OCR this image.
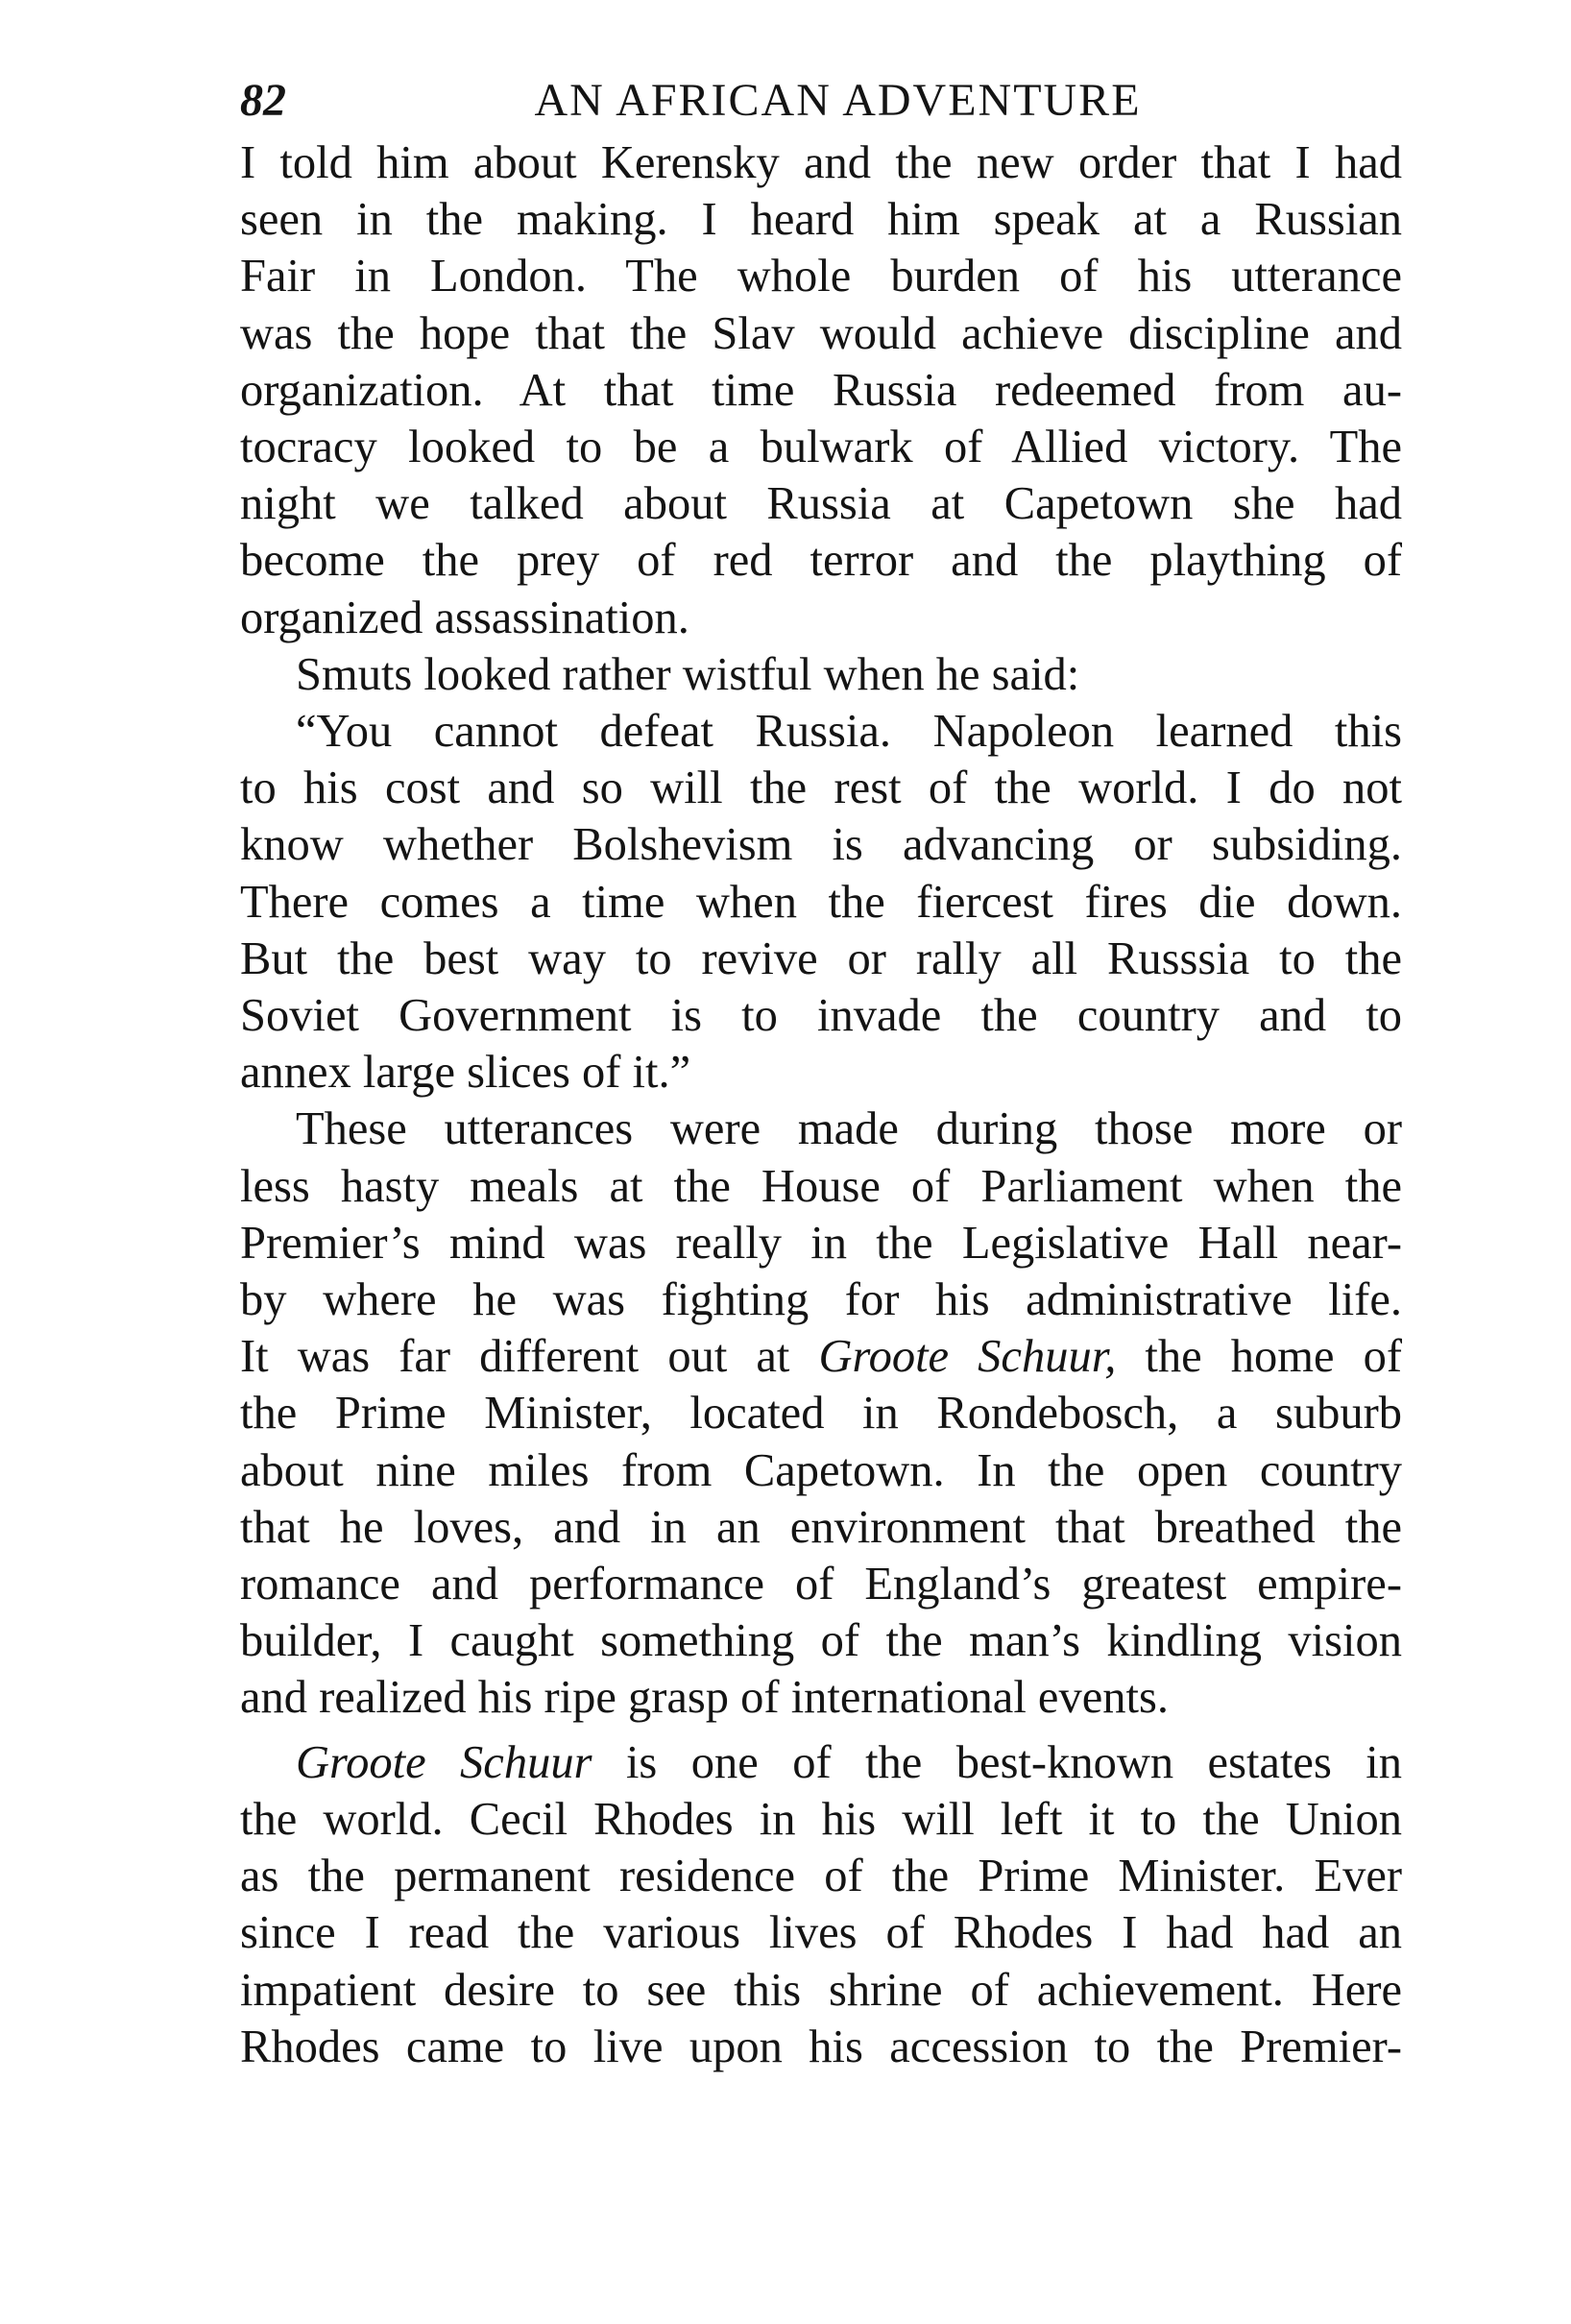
82	AN AFRICAN ADVENTURE
I told him about Kerensky and the new order that I had
seen in the making. I heard him speak at a Russian
Fair in London. The whole burden of his utterance
was the hope that the Slav would achieve discipline and
organization. At that time Russia redeemed from au-
tocracy looked to be a bulwark of Allied victory. The
night we talked about Russia at Capetown she had
become the prey of red terror and the plaything of
organized assassination.
Smuts looked rather wistful when he said:
“You cannot defeat Russia. Napoleon learned this
to his cost and so will the rest of the world. I do not
know whether Bolshevism is advancing or subsiding.
There comes a time when the fiercest fires die down.
But the best way to revive or rally all Russsia to the
Soviet Government is to invade the country and to
annex large slices of it.”
These utterances were made during those more or
less hasty meals at the House of Parliament when the
Premier’s mind was really in the Legislative Hall near-
by where he was fighting for his administrative life.
It was far different out at Groote Schuur, the home of
the Prime Minister, located in Rondebosch, a suburb
about nine miles from Capetown. In the open country
that he loves, and in an environment that breathed the
romance and performance of England’s greatest empire-
builder, I caught something of the man’s kindling vision
and realized his ripe grasp of international events.
Groote Schuur is one of the best-known estates in
the world. Cecil Rhodes in his will left it to the Union
as the permanent residence of the Prime Minister. Ever
since I read the various lives of Rhodes I had had an
impatient desire to see this shrine of achievement. Here
Rhodes came to live upon his accession to the Premier-
